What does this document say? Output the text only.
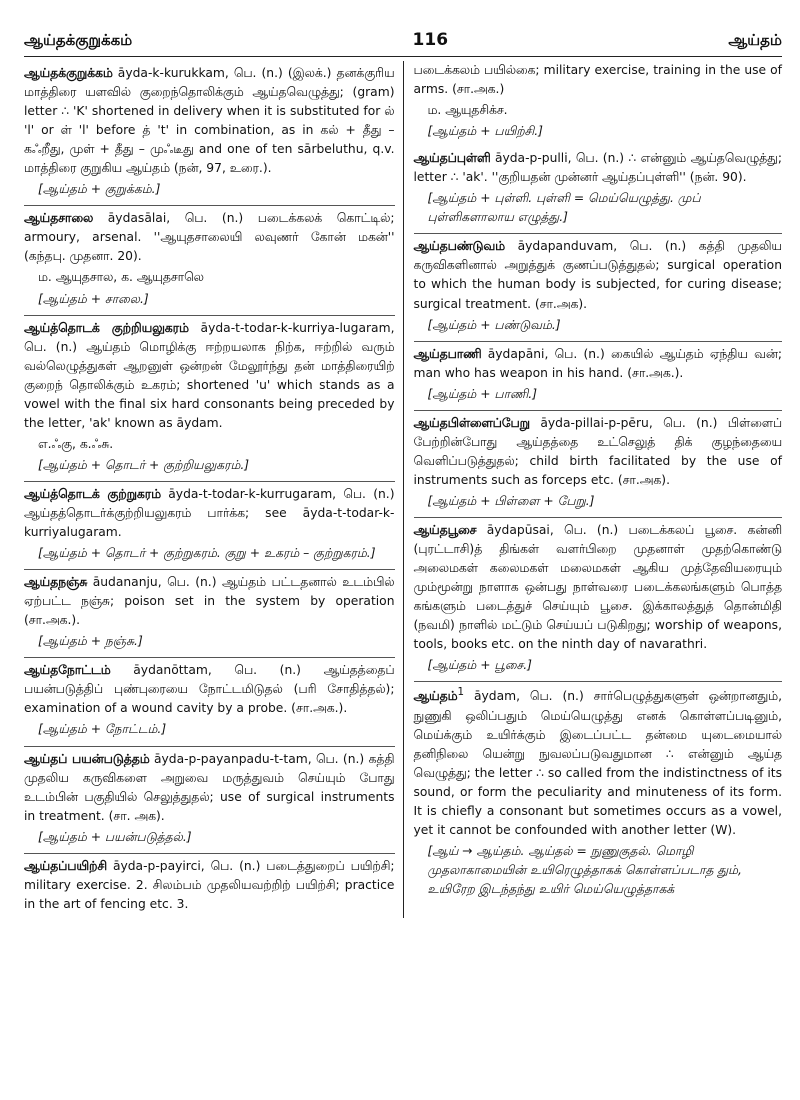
ஆய்தக்குறுக்கம்	116	ஆய்தம்
ஆய்தக்குறுக்கம் āyda-k-kurukkam, பெ. (n.) (இலக்.) தனக்குரிய மாத்திரை யளவில் குறைந்தொலிக்கும் ஆய்தவெழுத்து; (gram) letter ∴ 'K' shortened in delivery when it is substituted for ல் 'l' or ள் 'l' before த் 't' in combination, as in கல் + தீது – கஃறீது, முள் + தீது – முஃடீது and one of ten sārbeluthu, q.v. மாத்திரை குறுகிய ஆய்தம் (நன், 97, உரை.).
[ஆய்தம் + குறுக்கம்.]
ஆய்தசாலை āydasālai, பெ. (n.) படைக்கலக் கொட்டில்; armoury, arsenal. ''ஆயுதசாலையி லவுணர் கோன் மகன்'' (கந்தபு. முதனா. 20).
ம. ஆயுதசால, க. ஆயுதசாலெ
[ஆய்தம் + சாலை.]
ஆய்த்தொடக் குற்றியலுகரம் āyda-t-todar-k-kurriya-lugaram, பெ. (n.) ஆய்தம் மொழிக்கு ஈற்றயலாக நிற்க, ஈற்றில் வரும் வல்லெழுத்துகள் ஆறனுள் ஒன்றன் மேலூர்ந்து தன் மாத்திரையிற் குறைந் தொலிக்கும் உகரம்; shortened 'u' which stands as a vowel with the final six hard consonants being preceded by the letter, 'ak' known as āydam.
எ.ஃகு, க.ஃசு.
[ஆய்தம் + தொடர் + குற்றியலுகரம்.]
ஆய்த்தொடக் குற்றுகரம் āyda-t-todar-k-kurrugaram, பெ. (n.) ஆய்தத்தொடர்க்குற்றியலுகரம் பார்க்க; see āyda-t-todar-k-kurriyalugaram.
[ஆய்தம் + தொடர் + குற்றுகரம். குறு + உகரம் – குற்றுகரம்.]
ஆய்தநஞ்சு āudananju, பெ. (n.) ஆய்தம் பட்டதனால் உடம்பில் ஏற்பட்ட நஞ்சு; poison set in the system by operation (சா.அக.).
[ஆய்தம் + நஞ்சு.]
ஆய்தநோட்டம் āydanōttam, பெ. (n.) ஆய்தத்தைப் பயன்படுத்திப் புண்புரையை நோட்டமிடுதல் (பரி சோதித்தல்); examination of a wound cavity by a probe. (சா.அக.).
[ஆய்தம் + நோட்டம்.]
ஆய்தப் பயன்படுத்தம் āyda-p-payanpadu-t-tam, பெ. (n.) கத்தி முதலிய கருவிகளை அறுவை மருத்துவம் செய்யும் போது உடம்பின் பகுதியில் செலுத்துதல்; use of surgical instruments in treatment. (சா. அக).
[ஆய்தம் + பயன்படுத்தல்.]
ஆய்தப்பயிற்சி āyda-p-payirci, பெ. (n.) படைத்துறைப் பயிற்சி; military exercise. 2. சிலம்பம் முதலியவற்றிற் பயிற்சி; practice in the art of fencing etc. 3.
படைக்கலம் பயில்கை; military exercise, training in the use of arms. (சா.அக.)
ம. ஆயுதசிக்ச.
[ஆய்தம் + பயிற்சி.]
ஆய்தப்புள்ளி āyda-p-pulli, பெ. (n.) ∴ என்னும் ஆய்தவெழுத்து; letter ∴ 'ak'. ''குறியதன் முன்னர் ஆய்தப்புள்ளி'' (நன். 90).
[ஆய்தம் + புள்ளி. புள்ளி = மெய்யெழுத்து. முப் புள்ளிகளாலாய எழுத்து.]
ஆய்தபண்டுவம் āydapanduvam, பெ. (n.) கத்தி முதலிய கருவிகளினால் அறுத்துக் குணப்படுத்துதல்; surgical operation to which the human body is subjected, for curing disease; surgical treatment. (சா.அக).
[ஆய்தம் + பண்டுவம்.]
ஆய்தபாணி āydapāni, பெ. (n.) கையில் ஆய்தம் ஏந்திய வன்; man who has weapon in his hand. (சா.அக.).
[ஆய்தம் + பாணி.]
ஆய்தபிள்ளைப்பேறு āyda-pillai-p-pēru, பெ. (n.) பிள்ளைப் பேற்றின்போது ஆய்தத்தை உட்செலுத் திக் குழந்தையை வெளிப்படுத்துதல்; child birth facilitated by the use of instruments such as forceps etc. (சா.அக).
[ஆய்தம் + பிள்ளை + பேறு.]
ஆய்தபூசை āydapūsai, பெ. (n.) படைக்கலப் பூசை. கன்னி (புரட்டாசி)த் திங்கள் வளர்பிறை முதனாள் முதற்கொண்டு அலைமகள் கலைமகள் மலைமகள் ஆகிய முத்தேவியரையும் மும்மூன்று நாளாக ஒன்பது நாள்வரை படைக்கலங்களும் பொத்த கங்களும் படைத்துச் செய்யும் பூசை. இக்காலத்துத் தொன்மிதி (நவமி) நாளில் மட்டும் செய்யப் படுகிறது; worship of weapons, tools, books etc. on the ninth day of navarathri.
[ஆய்தம் + பூசை.]
ஆய்தம்$^1$ āydam, பெ. (n.) சார்பெழுத்துகளுள் ஒன்றானதும், நுணுகி ஒலிப்பதும் மெய்யெழுத்து எனக் கொள்ளப்படினும், மெய்க்கும் உயிர்க்கும் இடைப்பட்ட தன்மை யுடைமையால் தனிநிலை யென்று நுவலப்படுவதுமான ∴ என்னும் ஆய்த வெழுத்து; the letter ∴ so called from the indistinctness of its sound, or form the peculiarity and minuteness of its form. It is chiefly a consonant but sometimes occurs as a vowel, yet it cannot be confounded with another letter (W).
[ஆய் → ஆய்தம். ஆய்தல் = நுணுகுதல். மொழி முதலாகாமையின் உயிரெழுத்தாகக் கொள்ளப்படாத தும், உயிரேற இடந்தந்து உயிர் மெய்யெழுத்தாகக்
